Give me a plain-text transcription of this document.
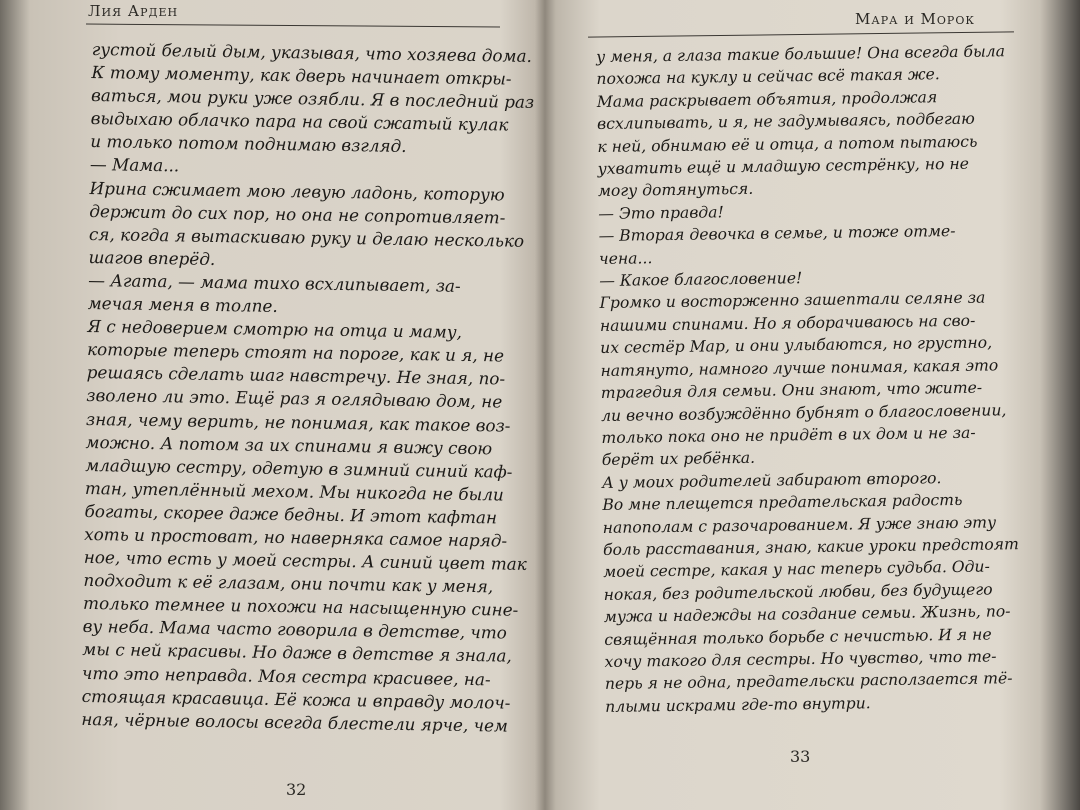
Лия Арден
густой белый дым, указывая, что хозяева дома.
К тому моменту, как дверь начинает откры-
ваться, мои руки уже озябли. Я в последний раз
выдыхаю облачко пара на свой сжатый кулак
и только потом поднимаю взгляд.
— Мама...
Ирина сжимает мою левую ладонь, которую
держит до сих пор, но она не сопротивляет-
ся, когда я вытаскиваю руку и делаю несколько
шагов вперёд.
— Агата, — мама тихо всхлипывает, за-
мечая меня в толпе.
Я с недоверием смотрю на отца и маму,
которые теперь стоят на пороге, как и я, не
решаясь сделать шаг навстречу. Не зная, по-
зволено ли это. Ещё раз я оглядываю дом, не
зная, чему верить, не понимая, как такое воз-
можно. А потом за их спинами я вижу свою
младшую сестру, одетую в зимний синий каф-
тан, утеплённый мехом. Мы никогда не были
богаты, скорее даже бедны. И этот кафтан
хоть и простоват, но наверняка самое наряд-
ное, что есть у моей сестры. А синий цвет так
подходит к её глазам, они почти как у меня,
только темнее и похожи на насыщенную сине-
ву неба. Мама часто говорила в детстве, что
мы с ней красивы. Но даже в детстве я знала,
что это неправда. Моя сестра красивее, на-
стоящая красавица. Её кожа и вправду молоч-
ная, чёрные волосы всегда блестели ярче, чем
32
Мара и Морок
у меня, а глаза такие большие! Она всегда была
похожа на куклу и сейчас всё такая же.
Мама раскрывает объятия, продолжая
всхлипывать, и я, не задумываясь, подбегаю
к ней, обнимаю её и отца, а потом пытаюсь
ухватить ещё и младшую сестрёнку, но не
могу дотянуться.
— Это правда!
— Вторая девочка в семье, и тоже отме-
чена...
— Какое благословение!
Громко и восторженно зашептали селяне за
нашими спинами. Но я оборачиваюсь на сво-
их сестёр Мар, и они улыбаются, но грустно,
натянуто, намного лучше понимая, какая это
трагедия для семьи. Они знают, что жите-
ли вечно возбуждённо бубнят о благословении,
только пока оно не придёт в их дом и не за-
берёт их ребёнка.
А у моих родителей забирают второго.
Во мне плещется предательская радость
напополам с разочарованием. Я уже знаю эту
боль расставания, знаю, какие уроки предстоят
моей сестре, какая у нас теперь судьба. Оди-
нокая, без родительской любви, без будущего
мужа и надежды на создание семьи. Жизнь, по-
свящённая только борьбе с нечистью. И я не
хочу такого для сестры. Но чувство, что те-
перь я не одна, предательски расползается тё-
плыми искрами где-то внутри.
33
